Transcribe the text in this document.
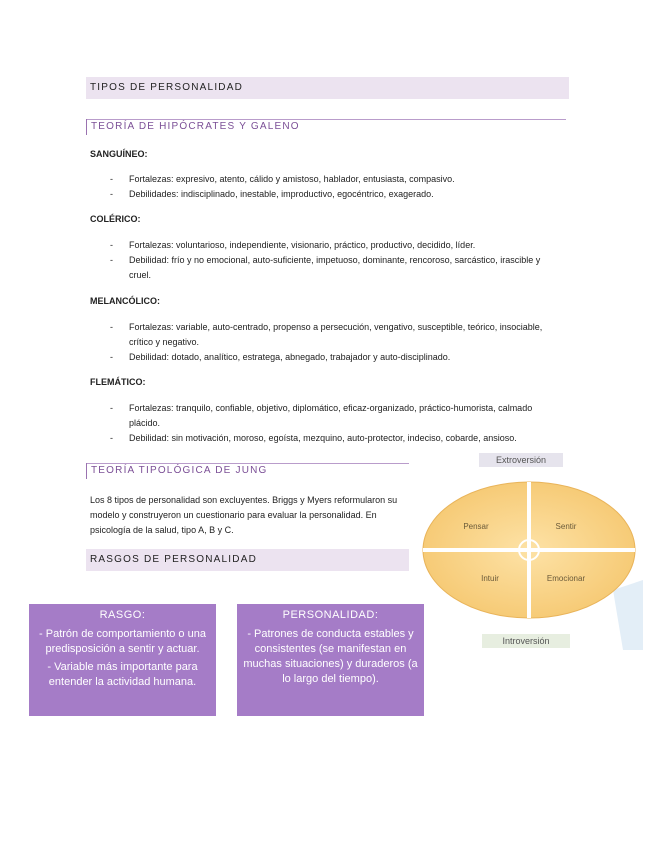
TIPOS DE PERSONALIDAD
TEORÍA DE HIPÓCRATES Y GALENO
SANGUÍNEO:
- Fortalezas: expresivo, atento, cálido y amistoso, hablador, entusiasta, compasivo.
- Debilidades: indisciplinado, inestable, improductivo, egocéntrico, exagerado.
COLÉRICO:
- Fortalezas: voluntarioso, independiente, visionario, práctico, productivo, decidido, líder.
- Debilidad: frío y no emocional, auto-suficiente, impetuoso, dominante, rencoroso, sarcástico, irascible y cruel.
MELANCÓLICO:
- Fortalezas: variable, auto-centrado, propenso a persecución, vengativo, susceptible, teórico, insociable, crítico y negativo.
- Debilidad: dotado, analítico, estratega, abnegado, trabajador y auto-disciplinado.
FLEMÁTICO:
- Fortalezas: tranquilo, confiable, objetivo, diplomático, eficaz-organizado, práctico-humorista, calmado plácido.
- Debilidad: sin motivación, moroso, egoísta, mezquino, auto-protector, indeciso, cobarde, ansioso.
TEORÍA TIPOLÓGICA DE JUNG
Los 8 tipos de personalidad son excluyentes. Briggs y Myers reformularon su modelo y construyeron un cuestionario para evaluar la personalidad. En psicología de la salud, tipo A, B y C.
RASGOS DE PERSONALIDAD
Extroversión
Pensar	Sentir
Intuir	Emocionar
Introversión
RASGO:
- Patrón de comportamiento o una predisposición a sentir y actuar.
- Variable más importante para entender la actividad humana.
PERSONALIDAD:
- Patrones de conducta estables y consistentes (se manifestan en muchas situaciones) y duraderos (a lo largo del tiempo).
